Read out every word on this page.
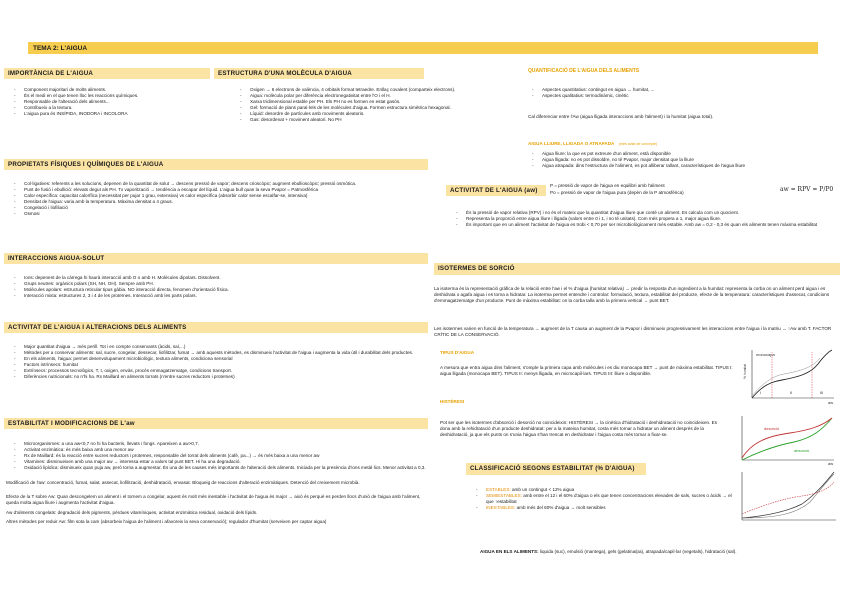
TEMA 2: L'AIGUA
IMPORTÀNCIA DE L'AIGUA
- Component majoritari de molts aliments.
- És el medi en el que tenen lloc les reaccions químiques.
- Responsable de l'alteració dels aliments...
- Contribueix a la textura.
- L'aigua pura és INSÍPIDA, INODORA i INCOLORA
ESTRUCTURA D'UNA MOLÈCULA D'AIGUA
- Oxigen → 6 electrons de valència, 4 orbitals format tetraedre. Enllaç covalent (comparteix electrons).
- Aigua: molècula polar per diferència electronegativitat entre l'O i el H.
- Xarxa tridimensional estable per PH. Els PH no es formen en estat gasós.
- Gel: formació de plans paral·lels de les molècules d'aigua. Formen estructura simètrica hexagonal.
- Líquid: desordre de partícules amb moviments aleatoris.
- Gas: desordenat + moviment aleatori. No PH
QUANTIFICACIÓ DE L'AIGUA DELS ALIMENTS
- Aspectes quantitatius: contingut en aigua → humitat, ...
- Aspectes qualitatius: termodinàmic, cinètic

Cal diferenciar entre l'Aw (aigua lligada interaccions amb l'aliment) i la humitat (aigua total).

AIGUA LLIURE, LLIGADA O ATRAPADA (més aviat de concepte)
- Aigua lliure: la que es pot extreure d'un aliment, està disponible
- Aigua lligada: no es pot dissoldre, no té Pvapor, major densitat que la lliure
- Aigua atrapada: dins l'estructura de l'aliment, es pot alliberar tallant, característiques de l'aigua lliure
PROPIETATS FÍSIQUES I QUÍMIQUES DE L'AIGUA
- Col·ligatives: referents a les solucions, depenen de la quantitat de solut → descens pressió de vapor; descens crioscòpic; augment ebullioscòpic; pressió osmòtica.
- Punt de fusió i ebullició: elevats degut als PH. Tx vaporització → tendència a escapar del líquid. L'aigua bull quan la seva Pvapor = Patmosfèrica
- Calor específica: capacitat calorífica (necessitat per pujar 1 grau, extensiva) vs calor específica (absorbir calor sense escalfar-se, intensiva)
- Densitat de l'aigua: varia amb la temperatura. Màxima densitat a 4 graus.
- Congelació i liofiliació
- Osmosi
ACTIVITAT DE L'AIGUA (aw)

P = pressió de vapor de l'aigua en equilibri amb l'aliment

Po = pressió de vapor de l'aigua pura (depèn de la P atmosfèrica)	aw = RPV = P/P0
- És la pressió de vapor relativa (RPV) i no és el mateix que la quantitat d'aigua lliure que conté un aliment. Es calcula com un quocient.
- Representa la proporció entre aigua lliure i lligada (valors entre 0 i 1, i no té unitats). Com més propera a 1, major aigua lliure.
- És important que en un aliment l'activitat de l'aigua es trobi < 0,70 per ser microbiològicament més estable. Amb aw = 0,2 - 0,3 és quan els aliments tenen màxima estabilitat
INTERACCIONS AIGUA-SOLUT
- Ions: depenent de la càrrega hi haurà interacció amb O o amb H. Molècules dipolars. Dissolvent.
- Grups neutres: orgànics polars (SH, NH, OH). Sempre amb PH.
- Molècules apolars: estructura reticular tipus gàbia. NO interacció directa, fenomen d'orientació física.
- Interacció mixta: estructures 2, 3 i 4 de les proteïnes. Interacció amb les parts polars.
ISOTERMES DE SORCIÓ

La isoterma és la representació gràfica de la relació entre l'aw i el % d'aigua (humitat relativa) → predir la resposta d'un ingredient a la humitat: representa la corba on un aliment perd aigua i es deshidrata o agafa aigua i es torna a hidratar. La isoterma permet entendre i controlar: formulació, textura, estabilitat del producte, efecte de la temperatura: característiques d'assecat, condicions d'emmagatzematge d'un producte. Punt de màxima estabilitat: on la corba talla amb la primera vertical → punt BET.

Les isotermes varien en funció de la temperatura → augment de la T causa un augment de la Pvapor i disminueix progressivament les interaccions entre l'aigua i la matriu → ↑Aw amb T. FACTOR CRÍTIC DE LA CONSERVACIÓ.

TIPUS D'AIGUA

A mesura que entra aigua dins l'aliment, s'omple la primera capa amb molècules i es diu monocapa BET → punt de màxima estabilitat. TIPUS I: aigua lligada (monocapa BET). TIPUS II: menys lligada, en microcapil·lars. TIPUS III: lliure o disponible.

HISTÈRESI

Pot ser que les isotermes d'absorció i desorció no coincideixin: HISTÈRESI → la cinètica d'hidratació i deshidratació no coincideixen. Es dona amb la rehidratació d'un producte deshidratat: per a la mateixa humitat, costa més tornar a hidratar un aliment després de la deshidratació, ja que els punts on s'unia l'aigua s'han trencat en deshidratar i l'aigua costa més tornar a fixar-se.

monocapa
I	II	III
aw
% humitat
desorció
absorció
aw
ACTIVITAT DE L'AIGUA I ALTERACIONS DELS ALIMENTS
- Major quantitat d'aigua → més perill. Tot i en compte conservants (àcids, sal,...)
- Mètodes per a conservar aliments: sal, sucre, congelar, dessecar, liofilitzar, fumat → amb aquests mètodes, es disminueix l'activitat de l'aigua i augmenta la vida útil i durabilitat dels productes.
- En els aliments, l'aigua: permet desenvolupament microbiològic, textura aliments, condiciona sensorial
- Factors intrínsecs: humitat
- Extrínsecs: processos tecnològics, T, t, oxigen, envàs, procés emmagatzematge, condicions transport.
- Diferències nutricionals: no n'hi ha. Rx Maillard en aliments torrats (n'entre sucres reductors i proteïnes)
ESTABILITAT I MODIFICACIONS DE L'aw
- Microorganismes: a una aw<0,7 no hi ha bacteris, llevats i fongs. Apareixen a aw>0,7.
- Activitat enzimàtica: és més baixa amb una menor aw
- Rx de Maillard: és la reacció entre sucres reductors i proteïnes, responsable del torrat dels aliments (cafè, pa...) → és més baixa a una menor aw
- Vitamines: disminueixen amb una major aw → interessa estar a valors tal punt BET. Hi ha una degradació.
- Oxidació lipídica: disminueix quan puja aw, però torna a augmentar. És una de les causes més importants de l'alteració dels aliments. Iniciada per la presència d'ions metàl·lics. Menor activitat a 0,3.

Modificació de l'aw: concentració, fumat, salat, assecat, liofilització, deshidratació, envasat. Bloqueig de reaccions d'alteració enzimàtiques. Detenció del creixement microbià.

Efecte de la T sobre Aw: Quan descongelem un aliment i el tornem a congelar, aquest és molt més inestable i l'activitat de l'aigua és major → això és perquè es perden llocs d'unió de l'aigua amb l'aliment, queda molta aigua lliure i augmenta l'activitat d'aigua.

Aw d'aliments congelats: degradació dels pigments, pèrdues vitamíniques, activitat enzimàtica residual, oxidació dels lípids.

Altres mètodes per reduir Aw: film sota la cam (absorbeix l'aigua de l'aliment i afavoreix la seva conservació); regulador d'humitat (serveixen per captar aigua)

CLASSIFICACIÓ SEGONS ESTABILITAT (% D'AIGUA)
- ESTABLES: amb un contingut < 12% aigua
- SEMIESTABLES: amb entre el 12 i el 60% d'aigua o els que tenen concentracions elevades de sals, sucres o àcids → el que ↑estabilitat
- INESTABLES: amb més del 60% d'aigua → molt sensibles

AIGUA EN ELS ALIMENTS: liquida (suc), emulsió (mantega), gels (gelatina/pa), atrapada/capil·lar (vegetals), hidratació (sal).
